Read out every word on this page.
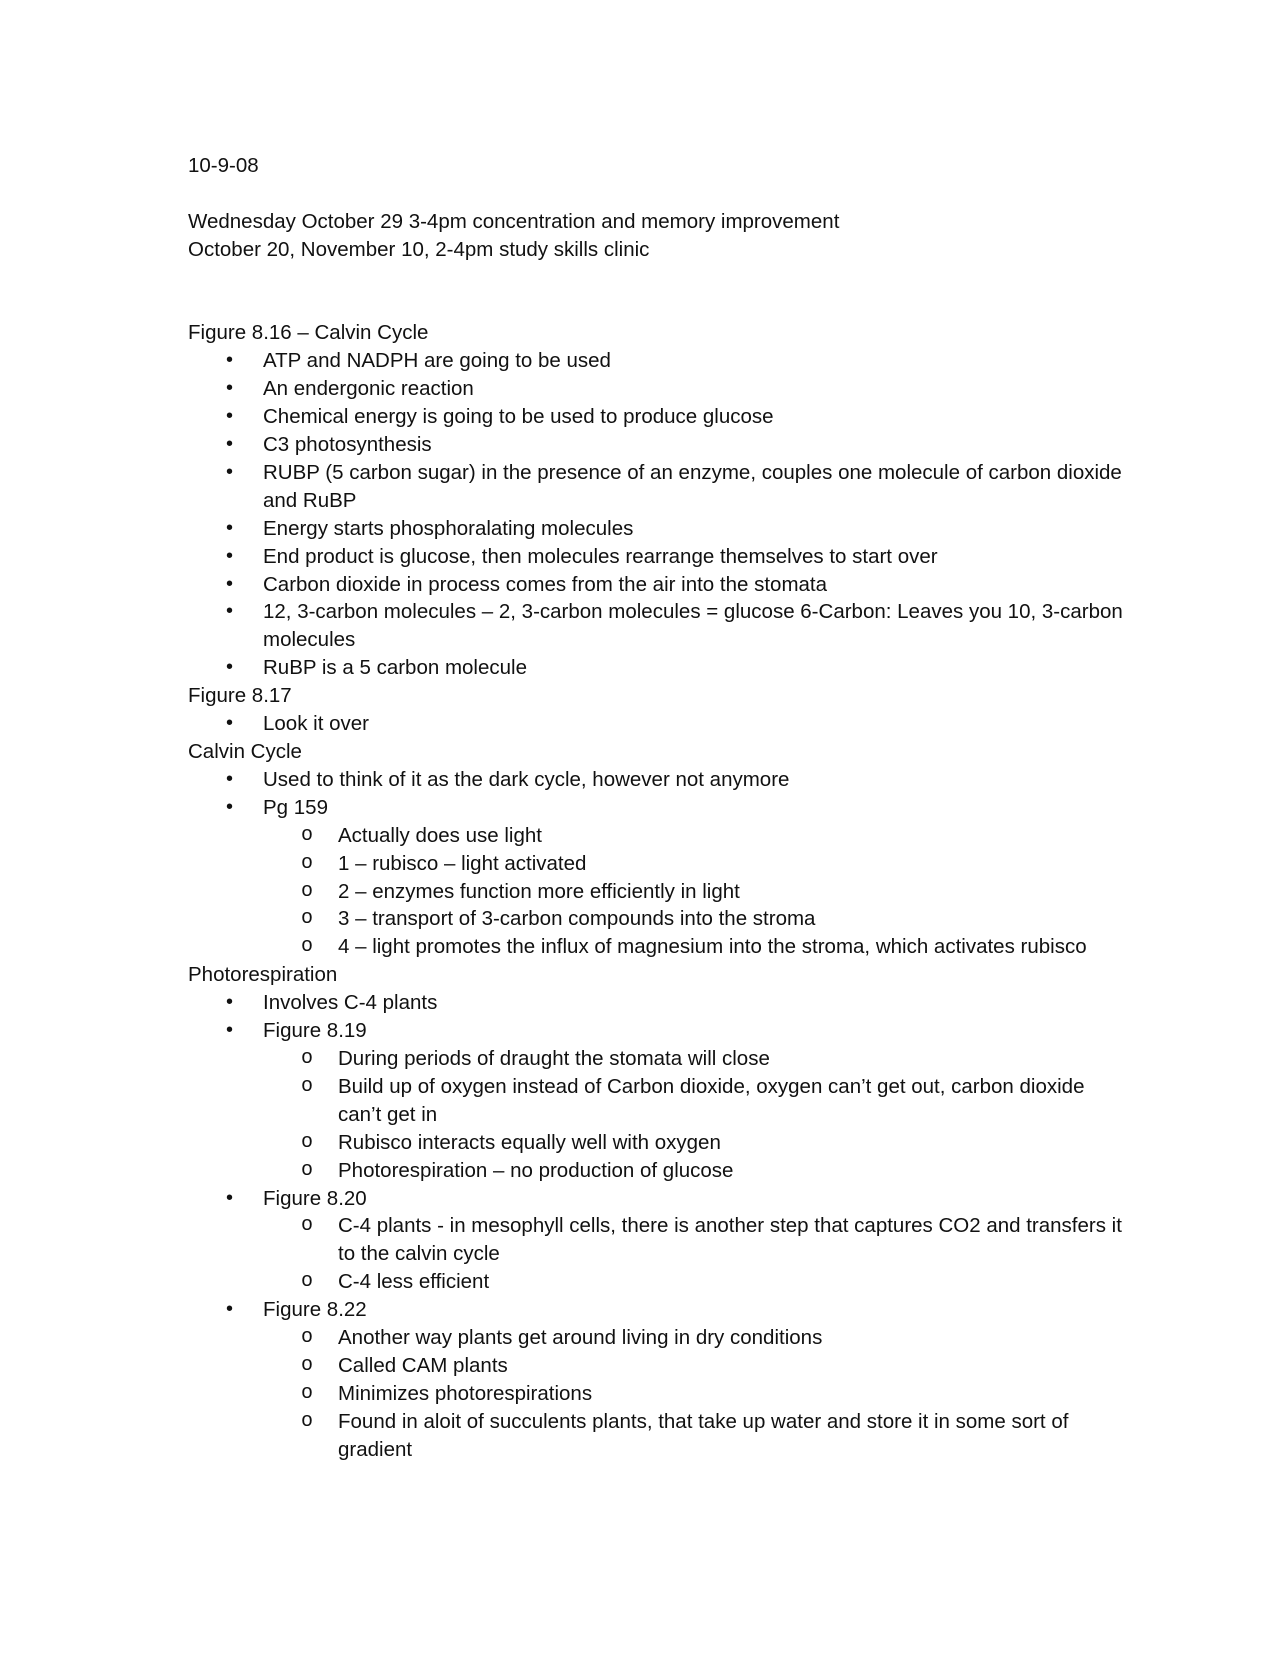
10-9-08

Wednesday October 29 3-4pm concentration and memory improvement

October 20, November 10, 2-4pm study skills clinic

Figure 8.16 – Calvin Cycle

• ATP and NADPH are going to be used
• An endergonic reaction
• Chemical energy is going to be used to produce glucose
• C3 photosynthesis
• RUBP (5 carbon sugar) in the presence of an enzyme, couples one molecule of carbon dioxide and RuBP
• Energy starts phosphoralating molecules
• End product is glucose, then molecules rearrange themselves to start over
• Carbon dioxide in process comes from the air into the stomata
• 12, 3-carbon molecules – 2, 3-carbon molecules = glucose 6-Carbon: Leaves you 10, 3-carbon molecules
• RuBP is a 5 carbon molecule

Figure 8.17

• Look it over

Calvin Cycle

• Used to think of it as the dark cycle, however not anymore
• Pg 159
o Actually does use light
o 1 – rubisco – light activated
o 2 – enzymes function more efficiently in light
o 3 – transport of 3-carbon compounds into the stroma
o 4 – light promotes the influx of magnesium into the stroma, which activates rubisco

Photorespiration

• Involves C-4 plants
• Figure 8.19
o During periods of draught the stomata will close
o Build up of oxygen instead of Carbon dioxide, oxygen can’t get out, carbon dioxide can’t get in
o Rubisco interacts equally well with oxygen
o Photorespiration – no production of glucose
• Figure 8.20
o C-4 plants - in mesophyll cells, there is another step that captures CO2 and transfers it to the calvin cycle
o C-4 less efficient
• Figure 8.22
o Another way plants get around living in dry conditions
o Called CAM plants
o Minimizes photorespirations
o Found in aloit of succulents plants, that take up water and store it in some sort of gradient
